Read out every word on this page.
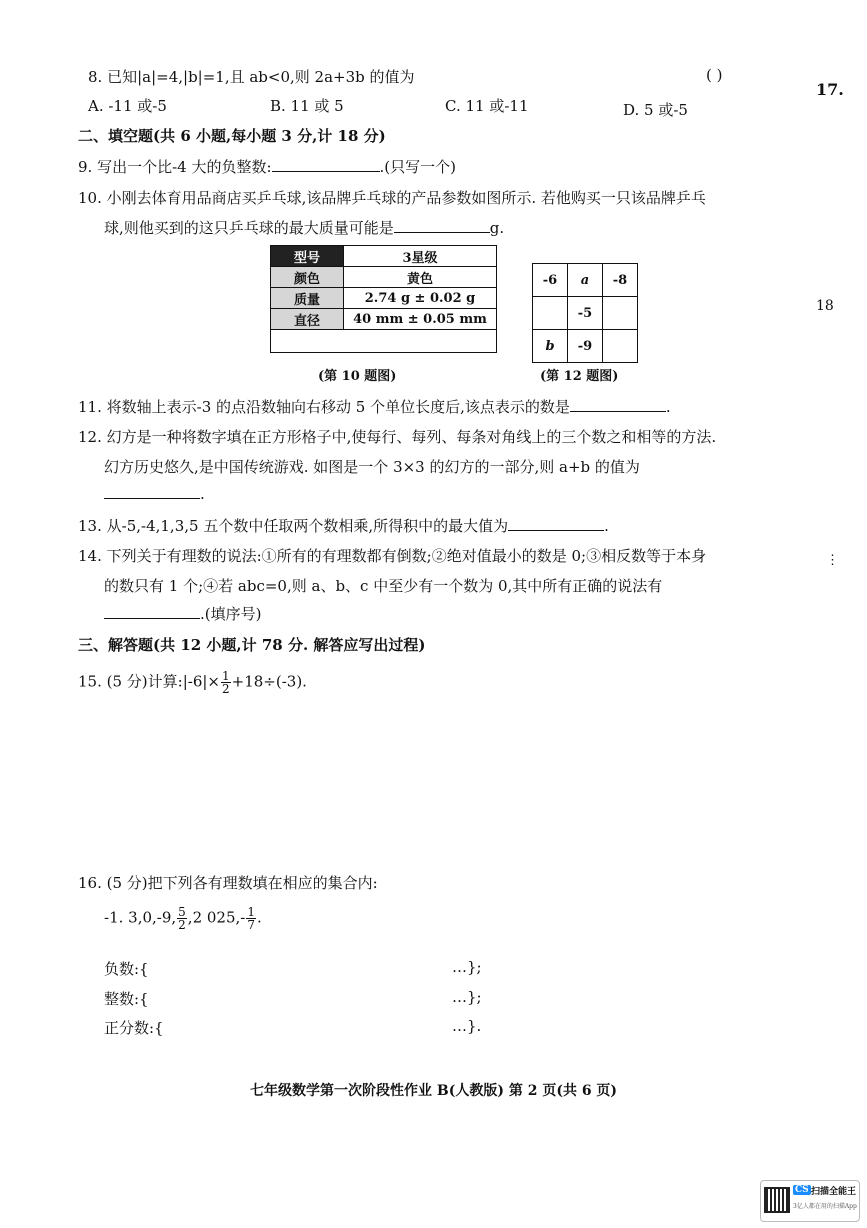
8. 已知|a|=4,|b|=1,且 ab<0,则 2a+3b 的值为	( )
17.
A. -11 或-5	B. 11 或 5	C. 11 或-11	D. 5 或-5
二、填空题(共 6 小题,每小题 3 分,计 18 分)
9. 写出一个比-4 大的负整数:	.(只写一个)
10. 小刚去体育用品商店买乒乓球,该品牌乒乓球的产品参数如图所示. 若他购买一只该品牌乒乓
球,则他买到的这只乒乓球的最大质量可能是	g.
型号	3星级
颜色	黄色
质量	2.74 g ± 0.02 g
直径	40 mm ± 0.05 mm

(第 10 题图)
-6	a	-8
	-5	
b	-9	
(第 12 题图)
18
11. 将数轴上表示-3 的点沿数轴向右移动 5 个单位长度后,该点表示的数是	.
12. 幻方是一种将数字填在正方形格子中,使每行、每列、每条对角线上的三个数之和相等的方法.
幻方历史悠久,是中国传统游戏. 如图是一个 3×3 的幻方的一部分,则 a+b 的值为
.
13. 从-5,-4,1,3,5 五个数中任取两个数相乘,所得积中的最大值为	.
14. 下列关于有理数的说法:①所有的有理数都有倒数;②绝对值最小的数是 0;③相反数等于本身
的数只有 1 个;④若 abc=0,则 a、b、c 中至少有一个数为 0,其中所有正确的说法有
.(填序号)
⋮
三、解答题(共 12 小题,计 78 分. 解答应写出过程)
15. (5 分)计算:|-6|× $\frac{1}{2} +18\div(-3)$.
16. (5 分)把下列各有理数填在相应的集合内:
-1. 3,0,-9, $\frac{5}{2} ,2$ $025,- \frac{1}{7}$ .
负数:{	…};
整数:{	…};
正分数:{	…}.
七年级数学第一次阶段性作业 B(人教版) 第 2 页(共 6 页)
CS 扫描全能王
3亿人都在用的扫描App
